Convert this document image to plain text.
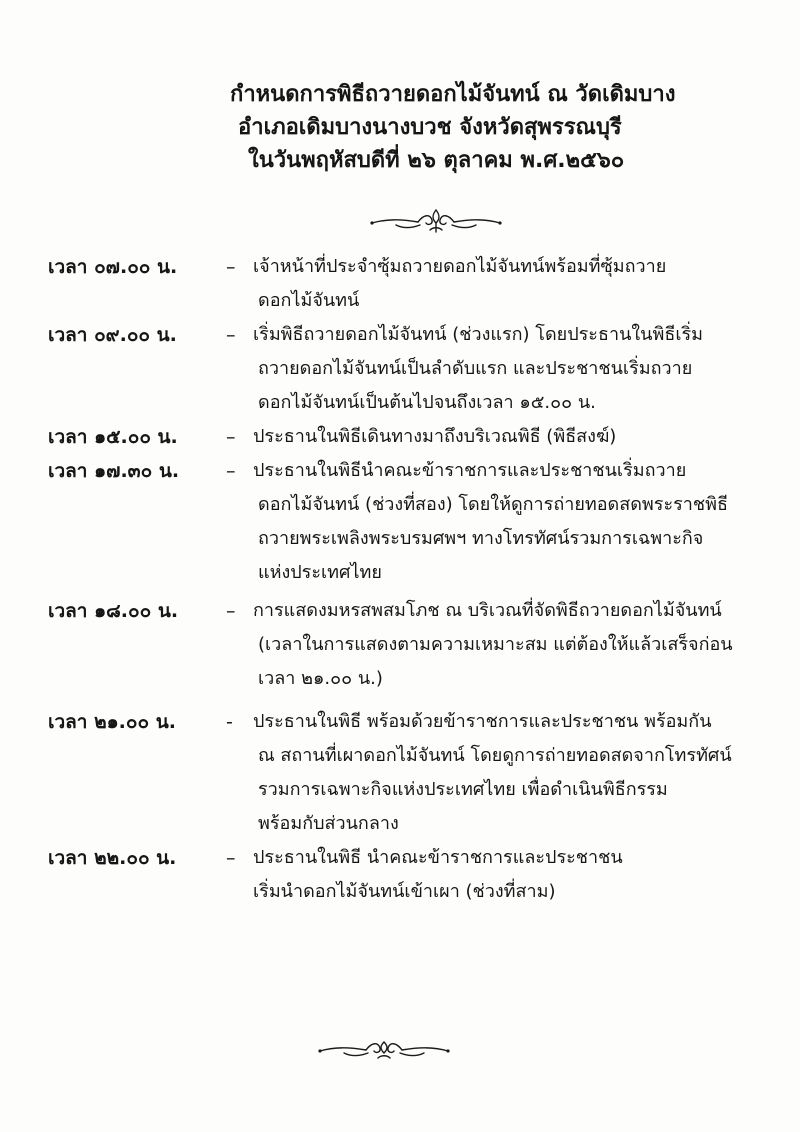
กำหนดการพิธีถวายดอกไม้จันทน์ ณ วัดเดิมบาง
อำเภอเดิมบางนางบวช จังหวัดสุพรรณบุรี
ในวันพฤหัสบดีที่ ๒๖ ตุลาคม พ.ศ.๒๕๖๐
เวลา ๐๗.๐๐ น.	– เจ้าหน้าที่ประจำซุ้มถวายดอกไม้จันทน์พร้อมที่ซุ้มถวาย
ดอกไม้จันทน์
เวลา ๐๙.๐๐ น.	– เริ่มพิธีถวายดอกไม้จันทน์ (ช่วงแรก) โดยประธานในพิธีเริ่ม
ถวายดอกไม้จันทน์เป็นลำดับแรก และประชาชนเริ่มถวาย
ดอกไม้จันทน์เป็นต้นไปจนถึงเวลา ๑๕.๐๐ น.
เวลา ๑๕.๐๐ น.	– ประธานในพิธีเดินทางมาถึงบริเวณพิธี (พิธีสงฆ์)
เวลา ๑๗.๓๐ น. – ประธานในพิธีนำคณะข้าราชการและประชาชนเริ่มถวาย
ดอกไม้จันทน์ (ช่วงที่สอง) โดยให้ดูการถ่ายทอดสดพระราชพิธี
ถวายพระเพลิงพระบรมศพฯ ทางโทรทัศน์รวมการเฉพาะกิจ
แห่งประเทศไทย
เวลา ๑๘.๐๐ น.	– การแสดงมหรสพสมโภช ณ บริเวณที่จัดพิธีถวายดอกไม้จันทน์
(เวลาในการแสดงตามความเหมาะสม แต่ต้องให้แล้วเสร็จก่อน
เวลา ๒๑.๐๐ น.)
เวลา ๒๑.๐๐ น.	- ประธานในพิธี พร้อมด้วยข้าราชการและประชาชน พร้อมกัน
ณ สถานที่เผาดอกไม้จันทน์ โดยดูการถ่ายทอดสดจากโทรทัศน์
รวมการเฉพาะกิจแห่งประเทศไทย เพื่อดำเนินพิธีกรรม
พร้อมกับส่วนกลาง
เวลา ๒๒.๐๐ น.	– ประธานในพิธี นำคณะข้าราชการและประชาชน
เริ่มนำดอกไม้จันทน์เข้าเผา (ช่วงที่สาม)
